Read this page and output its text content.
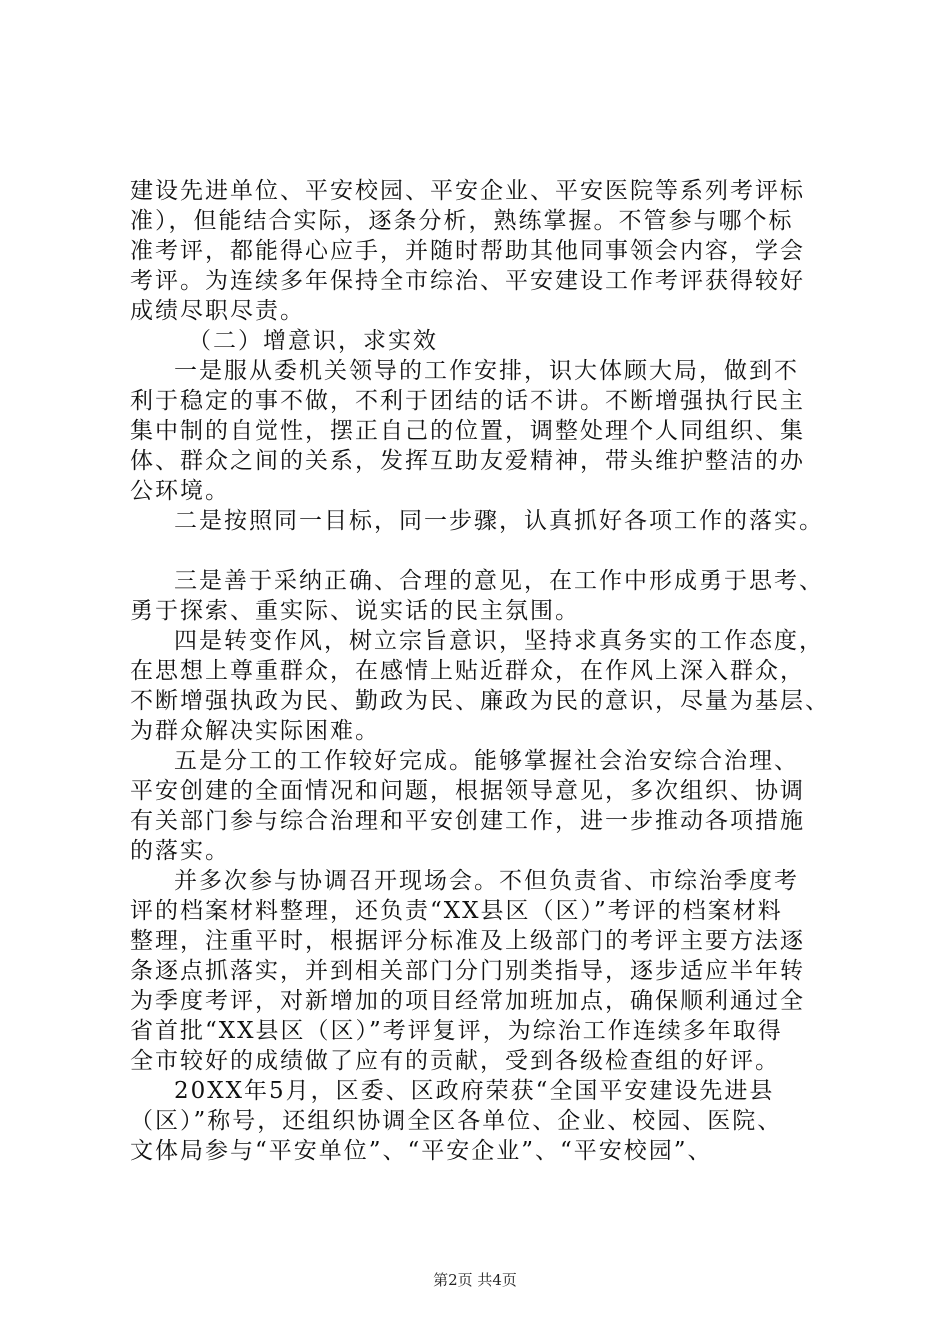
建设先进单位、平安校园、平安企业、平安医院等系列考评标
准），但能结合实际，逐条分析，熟练掌握。不管参与哪个标
准考评，都能得心应手，并随时帮助其他同事领会内容，学会
考评。为连续多年保持全市综治、平安建设工作考评获得较好
成绩尽职尽责。
（二）增意识，求实效
一是服从委机关领导的工作安排，识大体顾大局，做到不
利于稳定的事不做，不利于团结的话不讲。不断增强执行民主
集中制的自觉性，摆正自己的位置，调整处理个人同组织、集
体、群众之间的关系，发挥互助友爱精神，带头维护整洁的办
公环境。
二是按照同一目标，同一步骤，认真抓好各项工作的落实。
三是善于采纳正确、合理的意见，在工作中形成勇于思考、
勇于探索、重实际、说实话的民主氛围。
四是转变作风，树立宗旨意识，坚持求真务实的工作态度，
在思想上尊重群众，在感情上贴近群众，在作风上深入群众，
不断增强执政为民、勤政为民、廉政为民的意识，尽量为基层、
为群众解决实际困难。
五是分工的工作较好完成。能够掌握社会治安综合治理、
平安创建的全面情况和问题，根据领导意见，多次组织、协调
有关部门参与综合治理和平安创建工作，进一步推动各项措施
的落实。
并多次参与协调召开现场会。不但负责省、市综治季度考
评的档案材料整理，还负责“XX县区（区）”考评的档案材料
整理，注重平时，根据评分标准及上级部门的考评主要方法逐
条逐点抓落实，并到相关部门分门别类指导，逐步适应半年转
为季度考评，对新增加的项目经常加班加点，确保顺利通过全
省首批“XX县区（区）”考评复评，为综治工作连续多年取得
全市较好的成绩做了应有的贡献，受到各级检查组的好评。
20XX年5月，区委、区政府荣获“全国平安建设先进县
（区）”称号，还组织协调全区各单位、企业、校园、医院、
文体局参与“平安单位”、“平安企业”、“平安校园”、
第2页 共4页
